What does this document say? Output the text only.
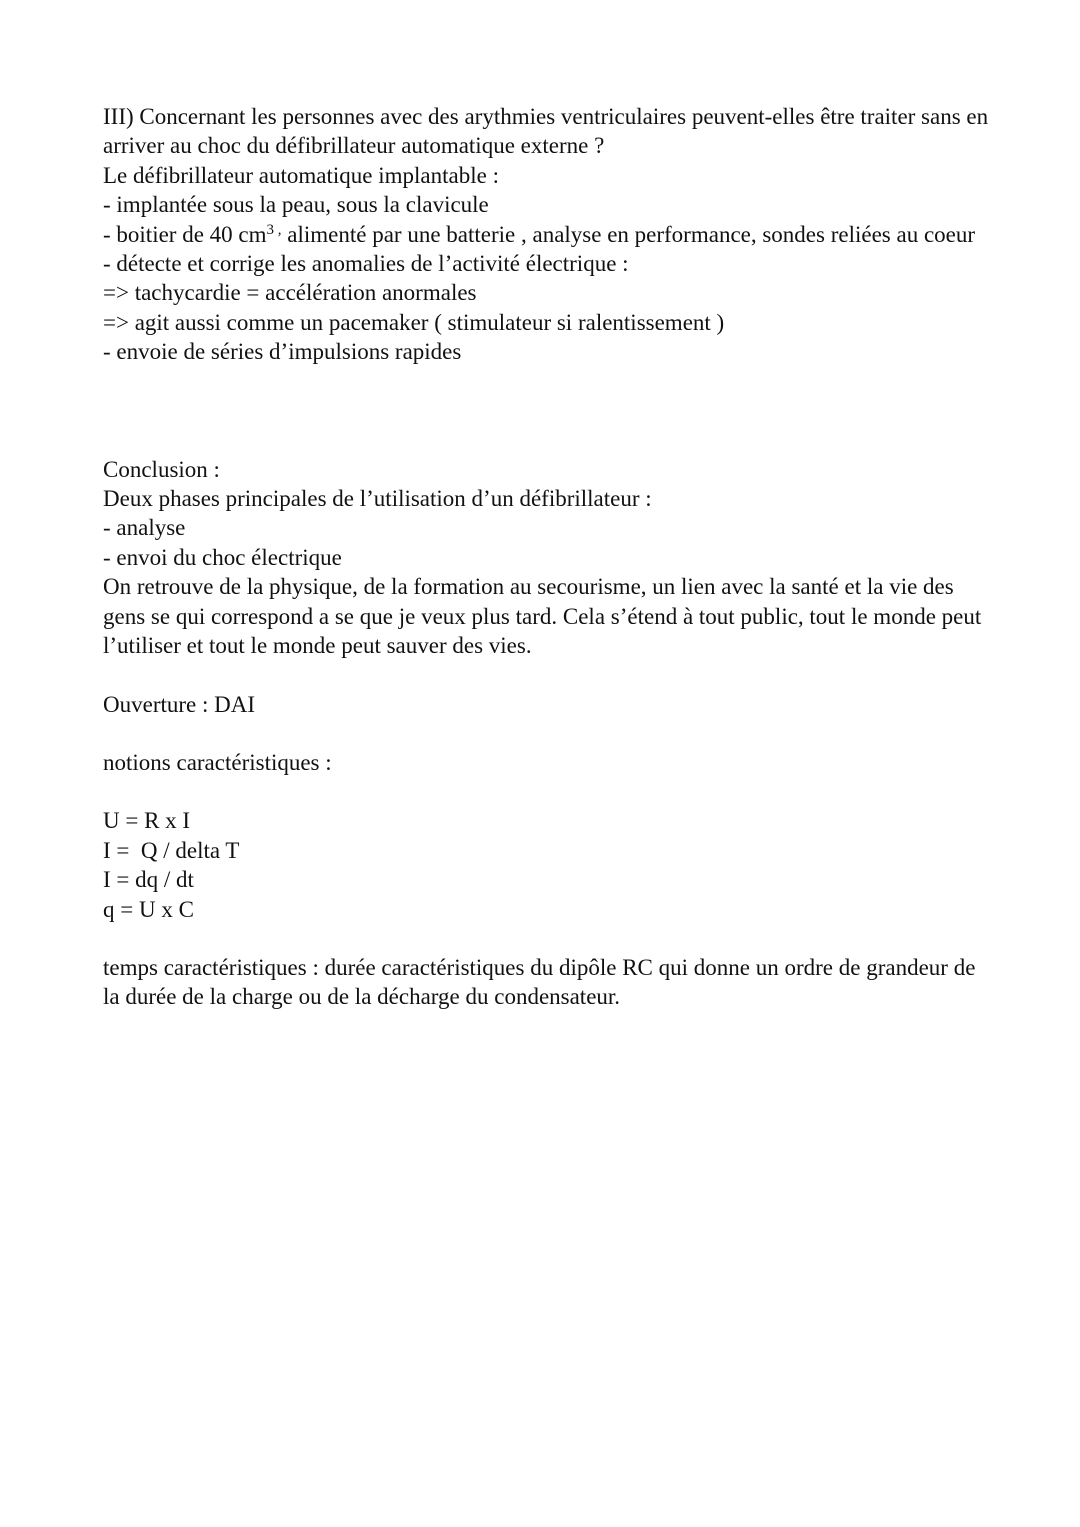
III) Concernant les personnes avec des arythmies ventriculaires peuvent-elles être traiter sans en arriver au choc du défibrillateur automatique externe ?
Le défibrillateur automatique implantable :
- implantée sous la peau, sous la clavicule
- boitier de 40 $cm^{3 ,}$ alimenté par une batterie , analyse en performance, sondes reliées au coeur
- détecte et corrige les anomalies de l’activité électrique :
=> tachycardie = accélération anormales
=> agit aussi comme un pacemaker ( stimulateur si ralentissement )
- envoie de séries d’impulsions rapides
Conclusion :
Deux phases principales de l’utilisation d’un défibrillateur :
- analyse
- envoi du choc électrique
On retrouve de la physique, de la formation au secourisme, un lien avec la santé et la vie des gens se qui correspond a se que je veux plus tard. Cela s’étend à tout public, tout le monde peut l’utiliser et tout le monde peut sauver des vies.
Ouverture : DAI
notions caractéristiques :
U = R x I
I =  Q / delta T
I = dq / dt
q = U x C
temps caractéristiques : durée caractéristiques du dipôle RC qui donne un ordre de grandeur de la durée de la charge ou de la décharge du condensateur.
